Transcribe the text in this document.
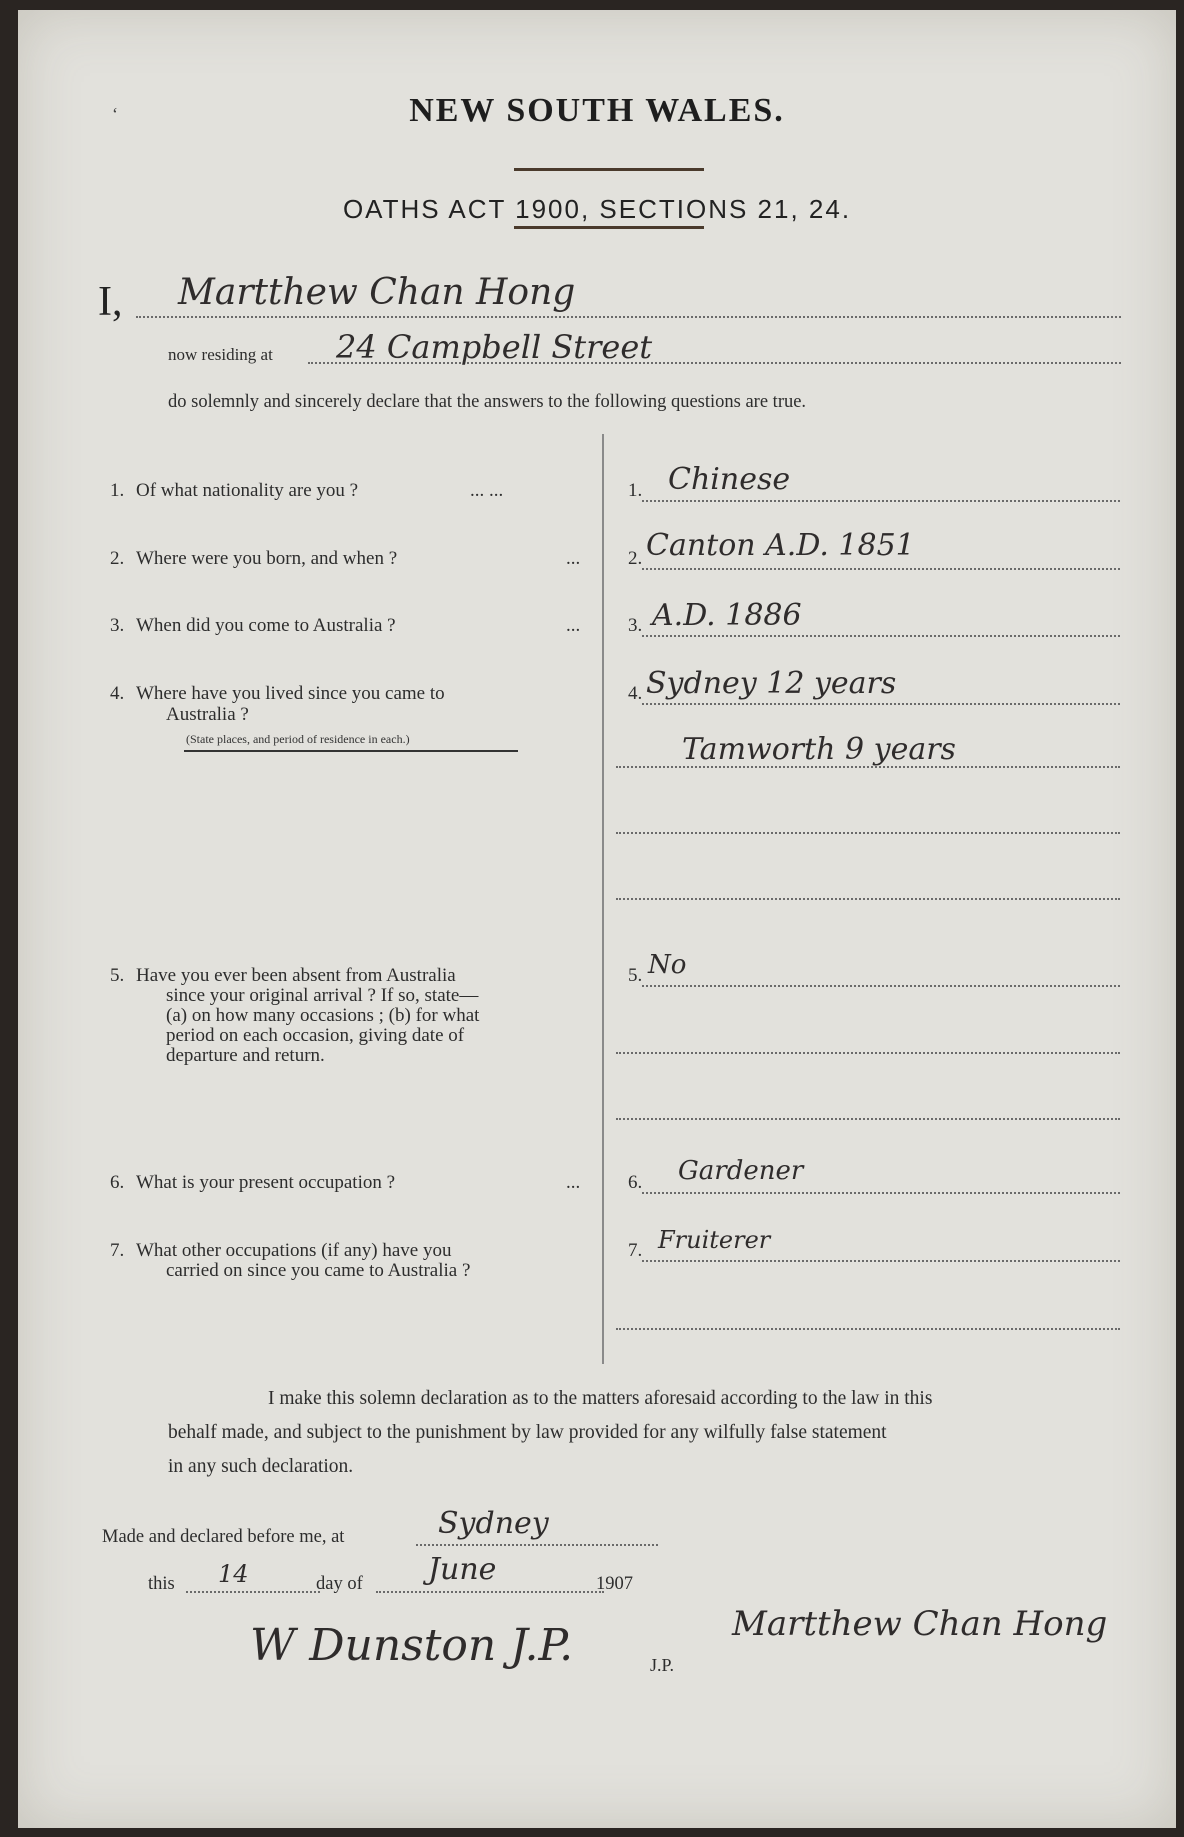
NEW SOUTH WALES.
OATHS ACT 1900, SECTIONS 21, 24.
I, Martthew Chan Hong
now residing at 24 Campbell Street
do solemnly and sincerely declare that the answers to the following questions are true.
1. Of what nationality are you ?	... ...	1. Chinese
2. Where were you born, and when ?	...	2. Canton A.D. 1851
3. When did you come to Australia ?	...	3. A.D. 1886
4. Where have you lived since you came to
Australia ?
(State places, and period of residence in each.)
4. Sydney 12 years
Tamworth 9 years
5. Have you ever been absent from Australia
since your original arrival ? If so, state—
(a) on how many occasions ; (b) for what
period on each occasion, giving date of
departure and return.
5. No
6. What is your present occupation ?	...	6. Gardener
7. What other occupations (if any) have you
carried on since you came to Australia ?
7. Fruiterer
I make this solemn declaration as to the matters aforesaid according to the law in this
behalf made, and subject to the punishment by law provided for any wilfully false statement
in any such declaration.
Made and declared before me, at	Sydney
this 14	day of June	1907
W Dunston J.P.	J.P.
Martthew Chan Hong
‘
